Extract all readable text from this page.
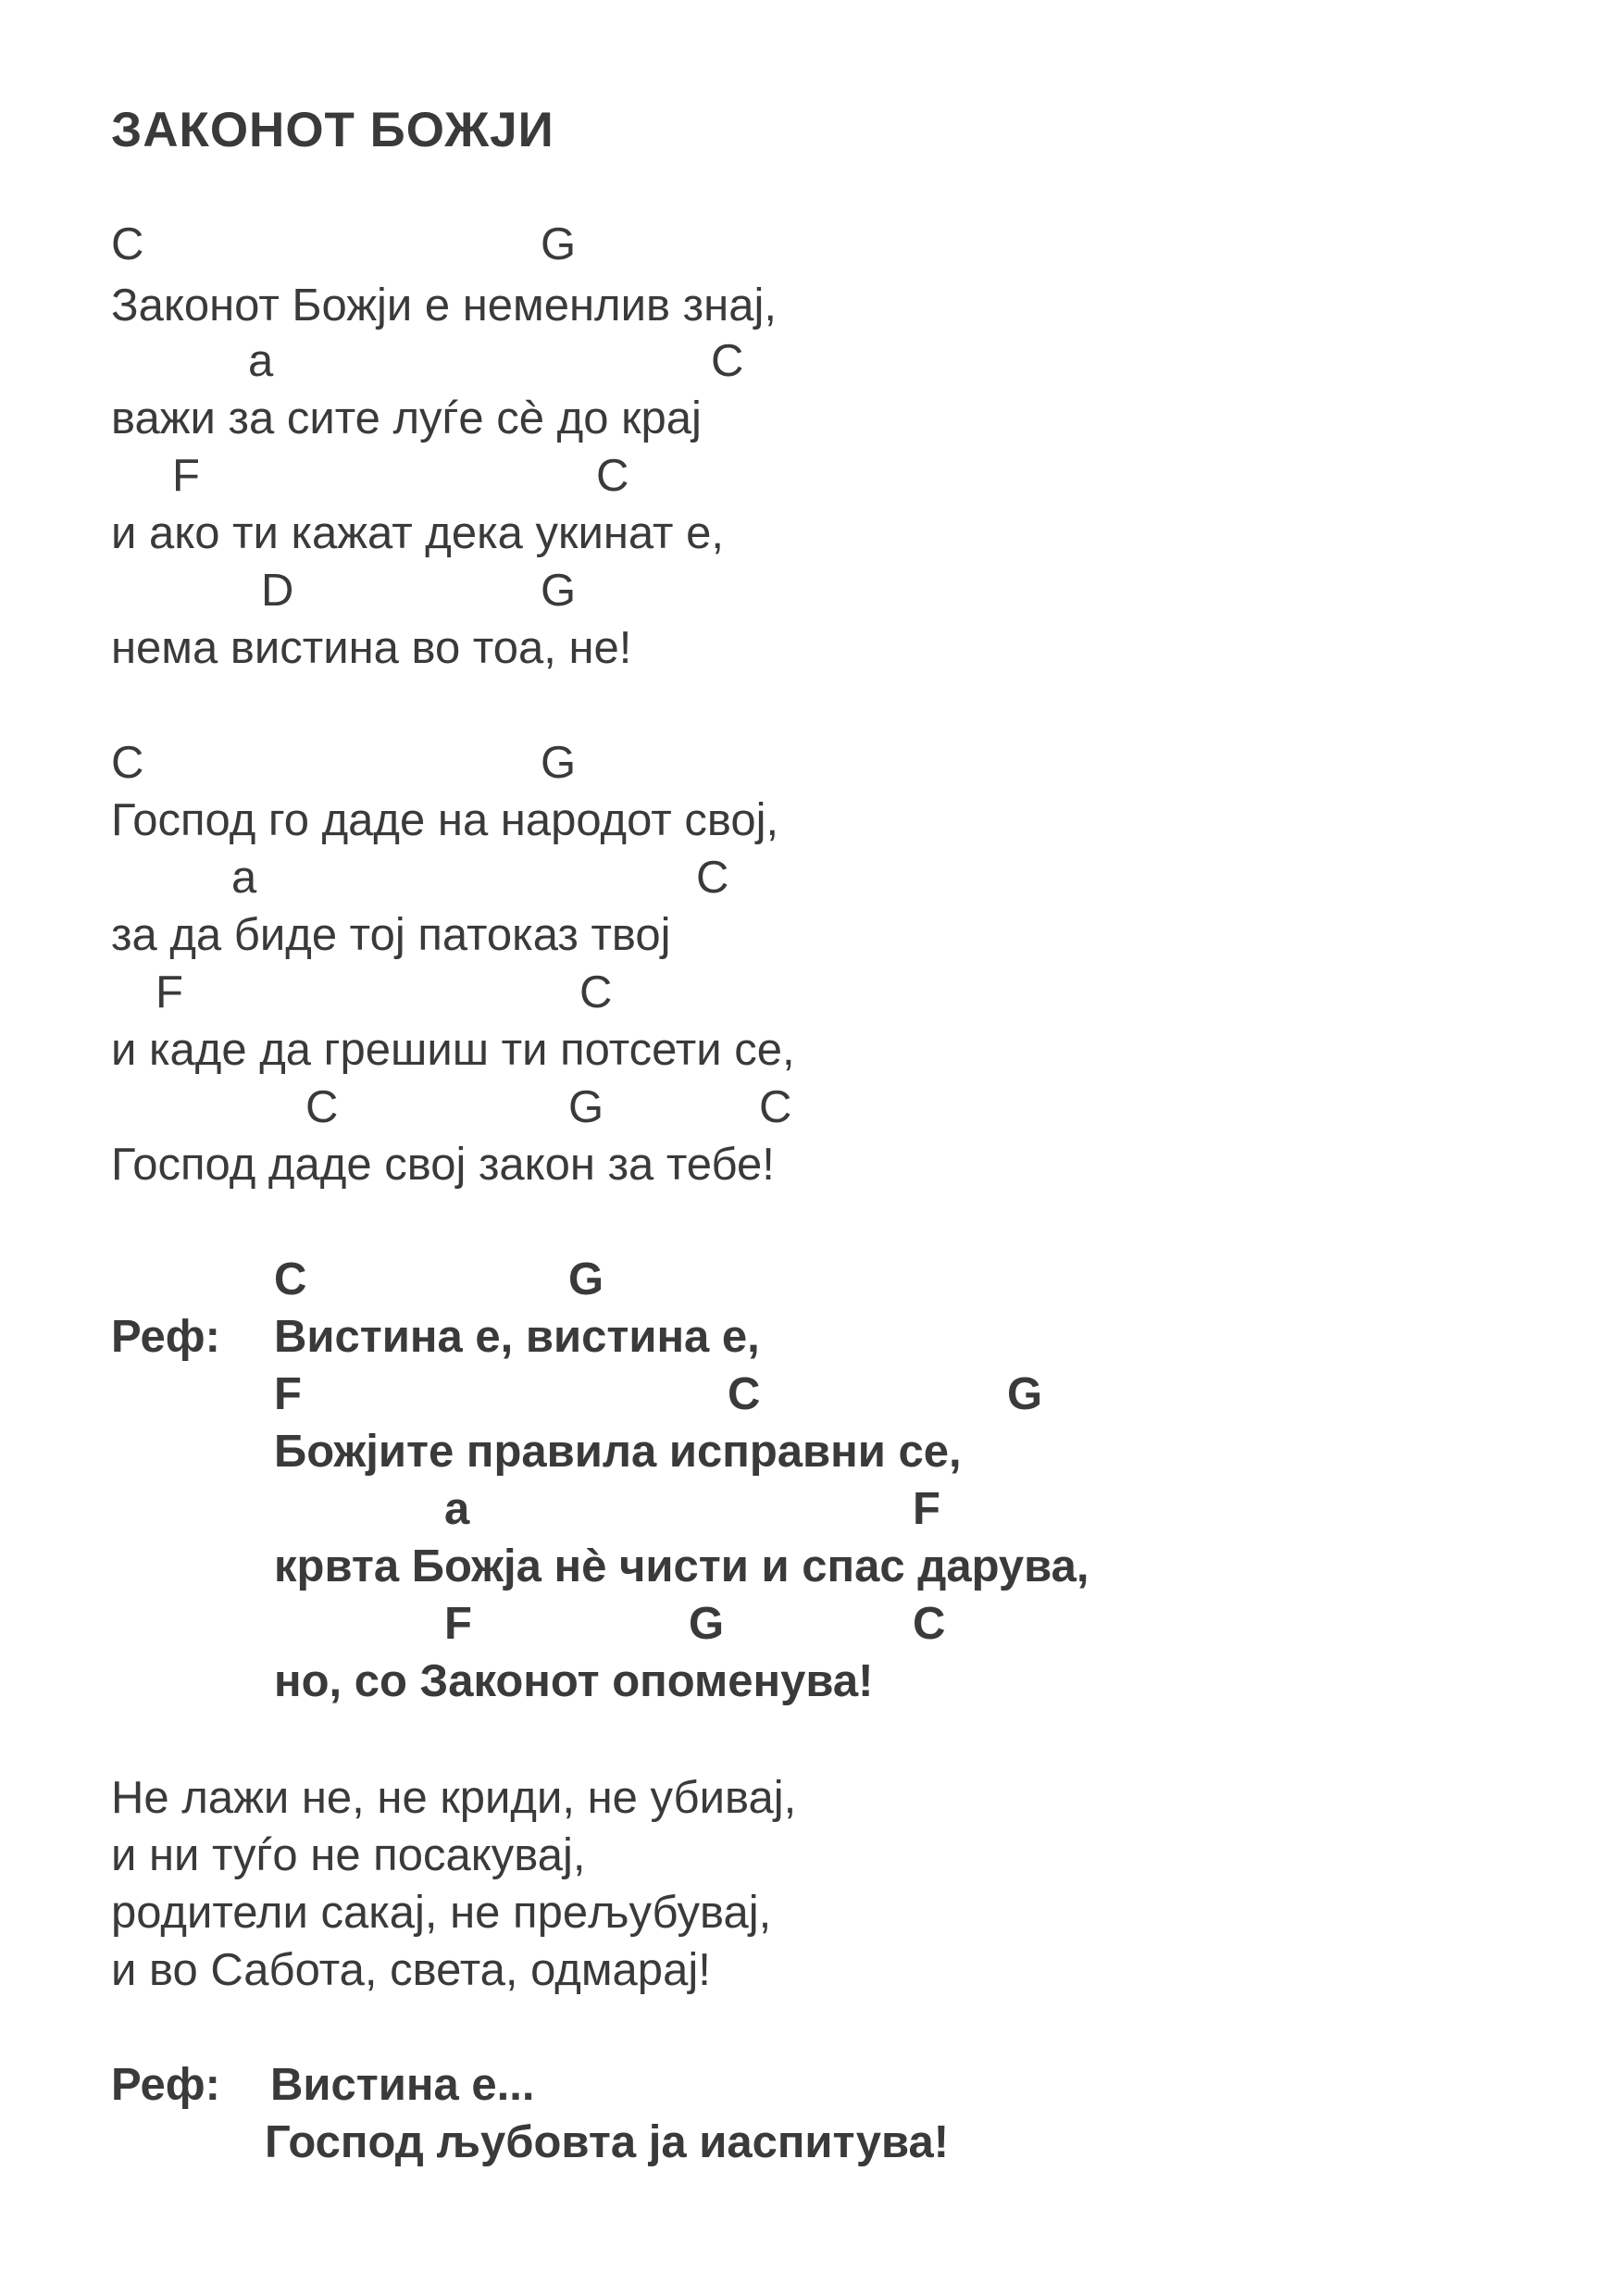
ЗАКОНОТ БОЖЈИ
C	G
Законот Божји е неменлив знај,
a	C
важи за сите луѓе сѐ до крај
F	C
и ако ти кажат дека укинат е,
D	G
нема вистина во тоа, не!
C	G
Господ го даде на народот свој,
a	C
за да биде тој патоказ твој
F	C
и каде да грешиш ти потсети се,
C	G	C
Господ даде свој закон за тебе!
C	G
Реф: Вистина е, вистина е,
F	C	G
Божјите правила исправни се,
a	F
крвта Божја нѐ чисти и спас дарува,
F	G	C
но, со Законот опоменува!
Не лажи не, не криди, не убивај,
и ни туѓо не посакувај,
родители сакај, не прељубувај,
и во Сабота, света, одмарај!
Реф: Вистина е...
Господ љубовта ја иаспитува!
